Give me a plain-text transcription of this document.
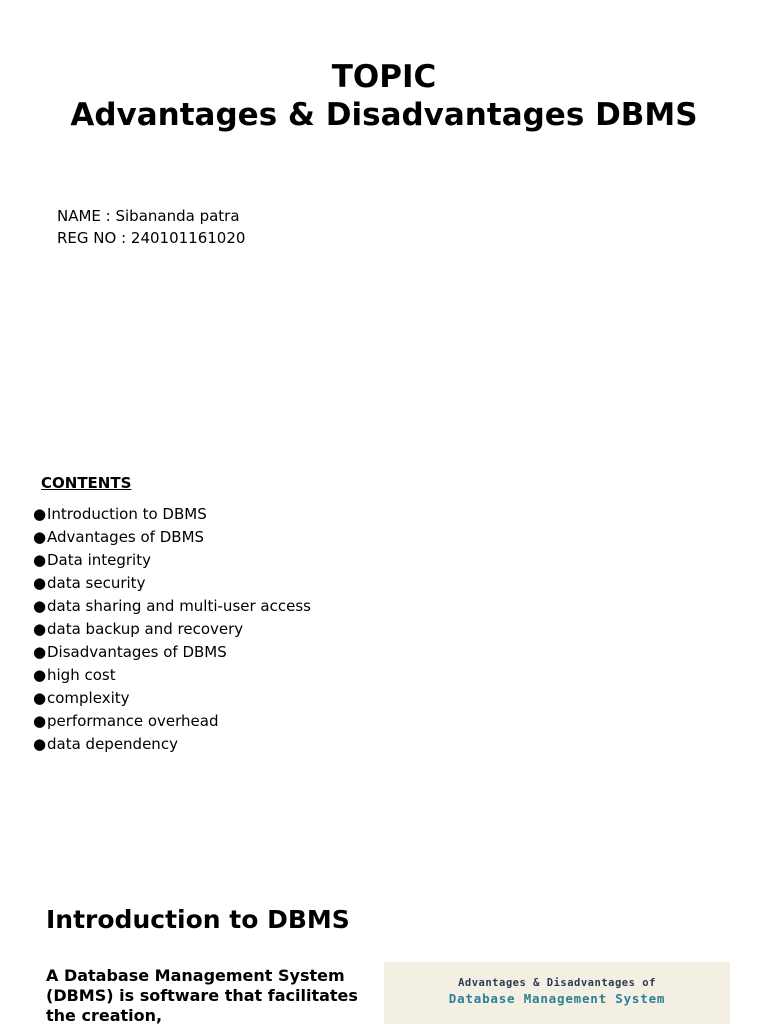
TOPIC
Advantages & Disadvantages DBMS
NAME : Sibananda patra
REG NO : 240101161020
CONTENTS
●Introduction to DBMS
●Advantages of DBMS
●Data integrity
●data security
●data sharing and multi-user access
●data backup and recovery
●Disadvantages of DBMS
●high cost
●complexity
●performance overhead
●data dependency
Introduction to DBMS
A Database Management System (DBMS) is software that facilitates the creation,
Advantages & Disadvantages of
Database Management System
